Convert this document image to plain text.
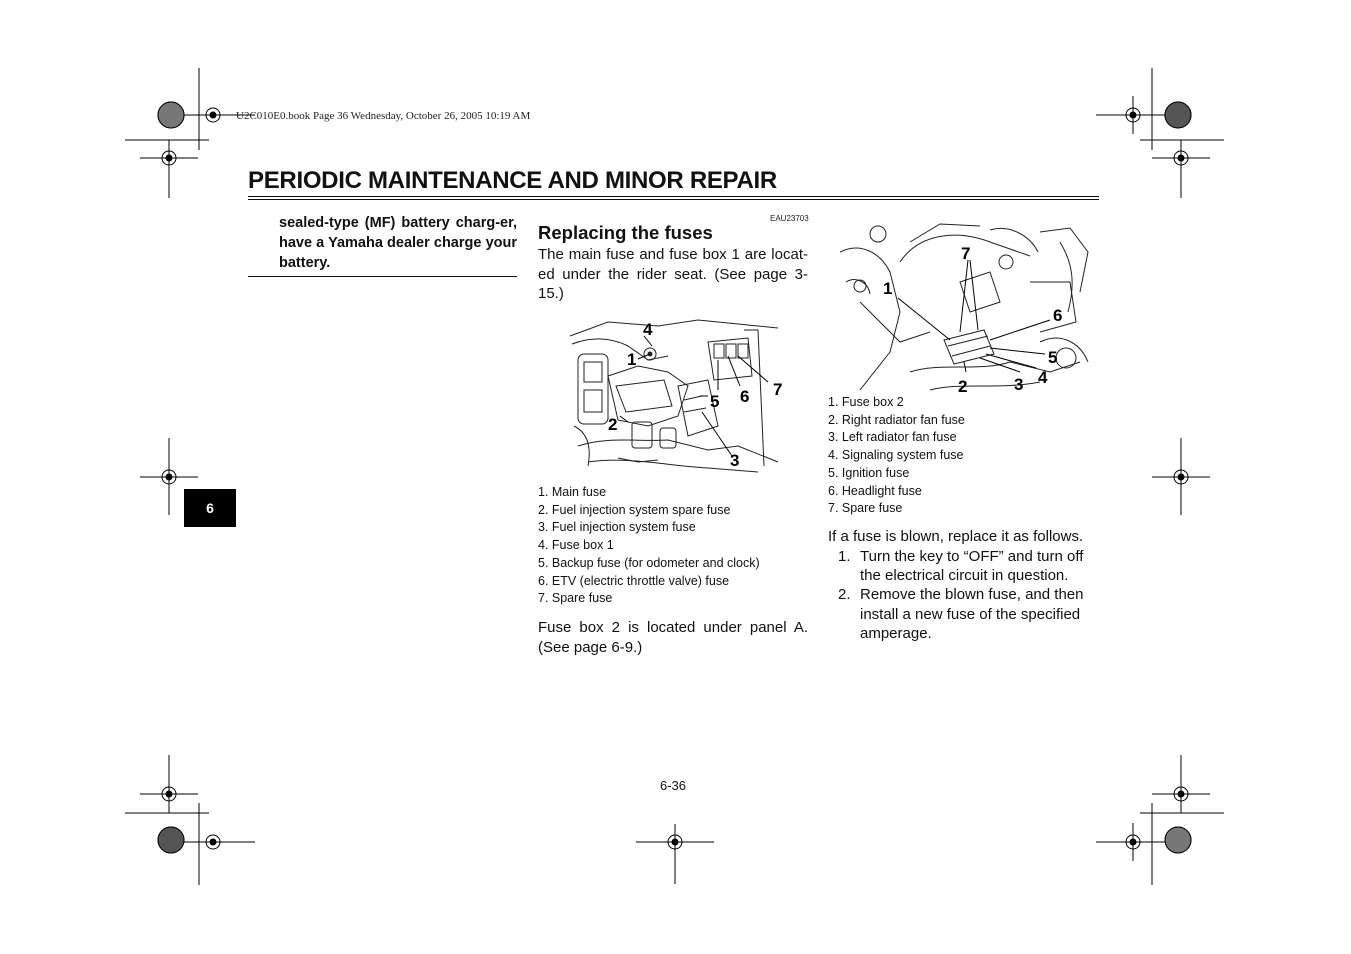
U2C010E0.book Page 36 Wednesday, October 26, 2005 10:19 AM
PERIODIC MAINTENANCE AND MINOR REPAIR
sealed-type (MF) battery charg-er, have a Yamaha dealer charge your battery.
6
EAU23703
Replacing the fuses
The main fuse and fuse box 1 are locat-ed under the rider seat. (See page 3-15.)
4
1
7
6
5
2
3
1. Main fuse
2. Fuel injection system spare fuse
3. Fuel injection system fuse
4. Fuse box 1
5. Backup fuse (for odometer and clock)
6. ETV (electric throttle valve) fuse
7. Spare fuse
Fuse box 2 is located under panel A. (See page 6-9.)
7
1
6
5
4
3
2
1. Fuse box 2
2. Right radiator fan fuse
3. Left radiator fan fuse
4. Signaling system fuse
5. Ignition fuse
6. Headlight fuse
7. Spare fuse
If a fuse is blown, replace it as follows.
1. Turn the key to “OFF” and turn off the electrical circuit in question.
2. Remove the blown fuse, and then install a new fuse of the specified amperage.
6-36
